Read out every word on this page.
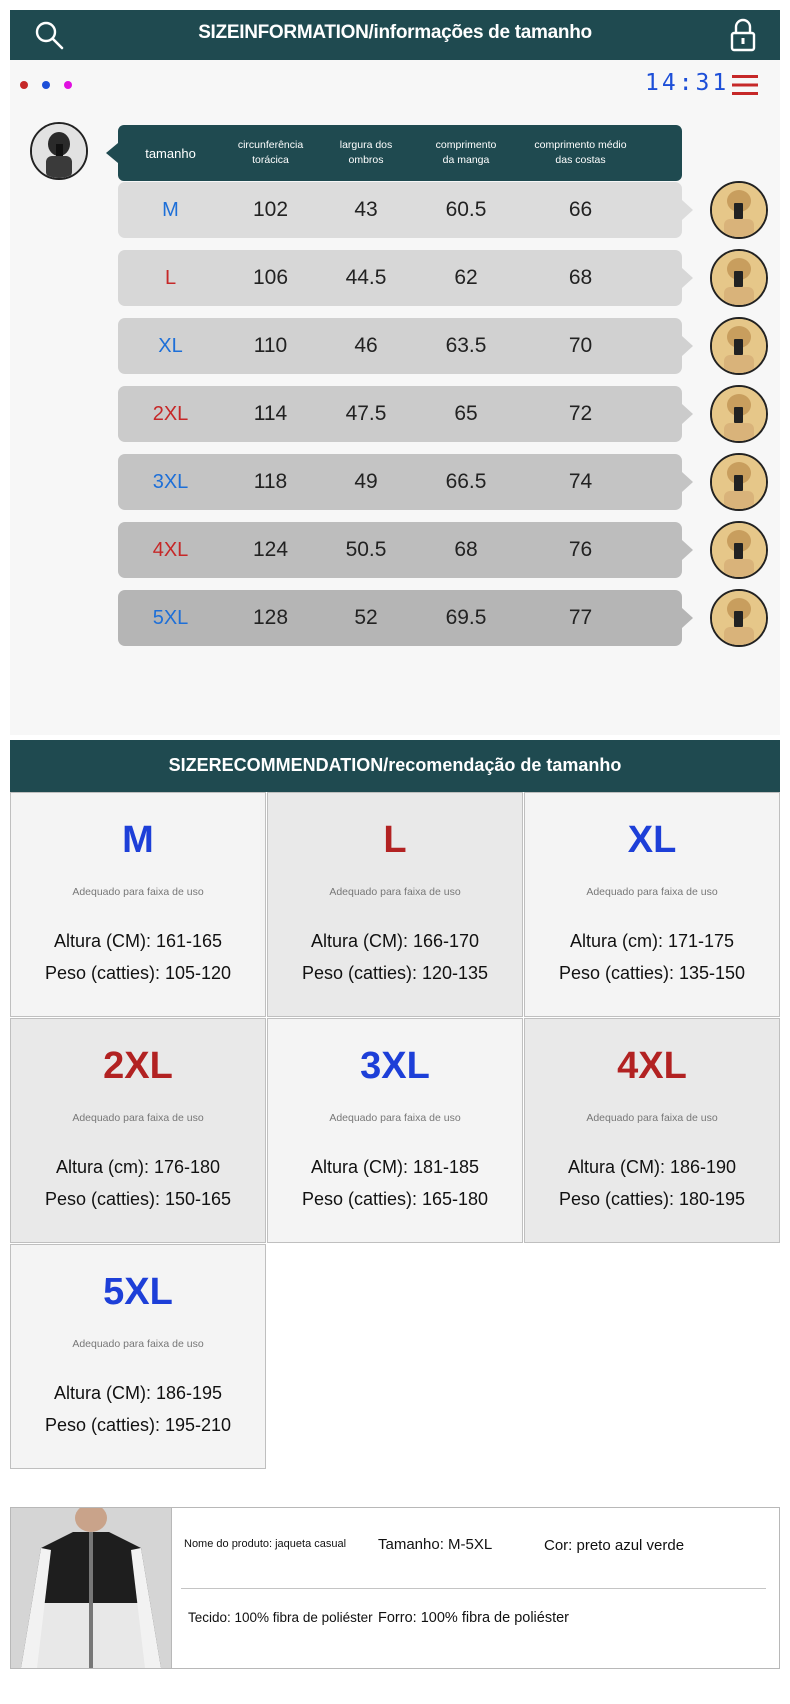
SIZEINFORMATION/informações de tamanho
14:31
tamanho
circunferência torácica
largura dos ombros
comprimento da manga
comprimento médio das costas
M	102	43	60.5	66
L	106	44.5	62	68
XL	110	46	63.5	70
2XL	114	47.5	65	72
3XL	118	49	66.5	74
4XL	124	50.5	68	76
5XL	128	52	69.5	77
SIZERECOMMENDATION/recomendação de tamanho
M
Adequado para faixa de uso
Altura (CM): 161-165
Peso (catties): 105-120
L
Adequado para faixa de uso
Altura (CM): 166-170
Peso (catties): 120-135
XL
Adequado para faixa de uso
Altura (cm): 171-175
Peso (catties): 135-150
2XL
Adequado para faixa de uso
Altura (cm): 176-180
Peso (catties): 150-165
3XL
Adequado para faixa de uso
Altura (CM): 181-185
Peso (catties): 165-180
4XL
Adequado para faixa de uso
Altura (CM): 186-190
Peso (catties): 180-195
5XL
Adequado para faixa de uso
Altura (CM): 186-195
Peso (catties): 195-210
Nome do produto: jaqueta casual Tamanho: M-5XL	Cor: preto azul verde
Tecido: 100% fibra de poliéster Forro: 100% fibra de poliéster
